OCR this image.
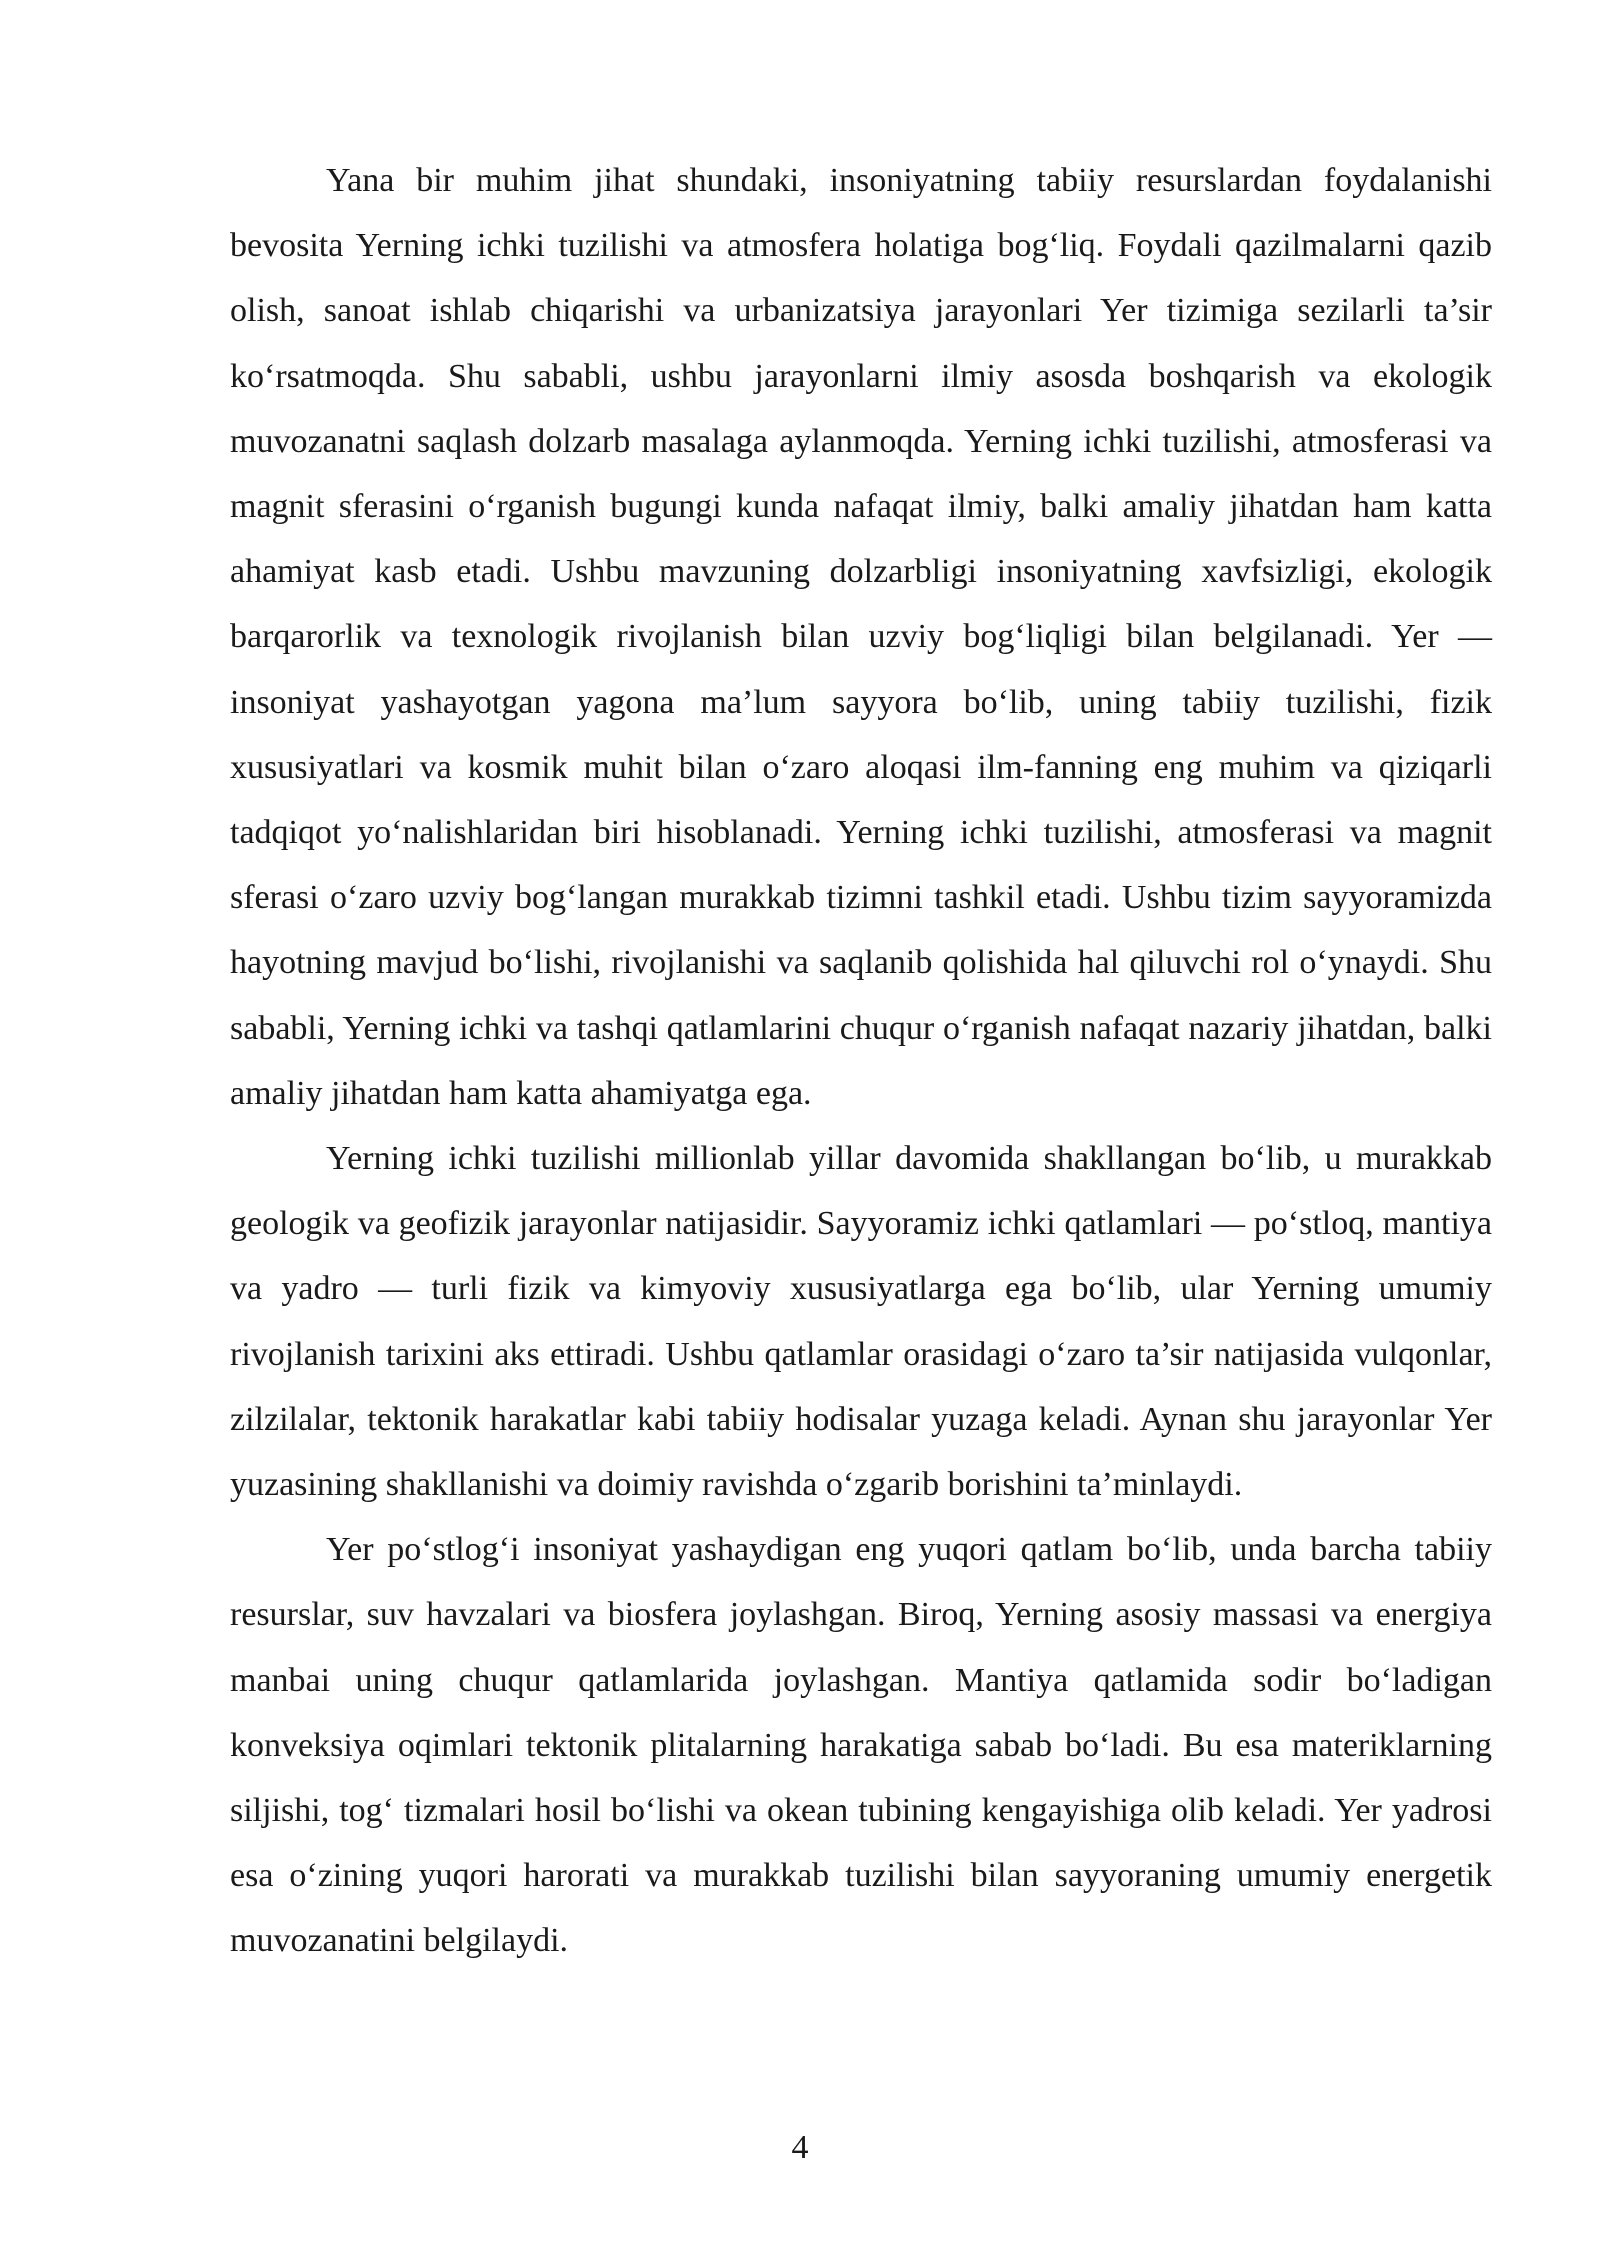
Yana bir muhim jihat shundaki, insoniyatning tabiiy resurslardan foydalanishi bevosita Yerning ichki tuzilishi va atmosfera holatiga bog‘liq. Foydali qazilmalarni qazib olish, sanoat ishlab chiqarishi va urbanizatsiya jarayonlari Yer tizimiga sezilarli ta’sir ko‘rsatmoqda. Shu sababli, ushbu jarayonlarni ilmiy asosda boshqarish va ekologik muvozanatni saqlash dolzarb masalaga aylanmoqda. Yerning ichki tuzilishi, atmosferasi va magnit sferasini o‘rganish bugungi kunda nafaqat ilmiy, balki amaliy jihatdan ham katta ahamiyat kasb etadi. Ushbu mavzuning dolzarbligi insoniyatning xavfsizligi, ekologik barqarorlik va texnologik rivojlanish bilan uzviy bog‘liqligi bilan belgilanadi. Yer — insoniyat yashayotgan yagona ma’lum sayyora bo‘lib, uning tabiiy tuzilishi, fizik xususiyatlari va kosmik muhit bilan o‘zaro aloqasi ilm-fanning eng muhim va qiziqarli tadqiqot yo‘nalishlaridan biri hisoblanadi. Yerning ichki tuzilishi, atmosferasi va magnit sferasi o‘zaro uzviy bog‘langan murakkab tizimni tashkil etadi. Ushbu tizim sayyoramizda hayotning mavjud bo‘lishi, rivojlanishi va saqlanib qolishida hal qiluvchi rol o‘ynaydi. Shu sababli, Yerning ichki va tashqi qatlamlarini chuqur o‘rganish nafaqat nazariy jihatdan, balki amaliy jihatdan ham katta ahamiyatga ega.

Yerning ichki tuzilishi millionlab yillar davomida shakllangan bo‘lib, u murakkab geologik va geofizik jarayonlar natijasidir. Sayyoramiz ichki qatlamlari — po‘stloq, mantiya va yadro — turli fizik va kimyoviy xususiyatlarga ega bo‘lib, ular Yerning umumiy rivojlanish tarixini aks ettiradi. Ushbu qatlamlar orasidagi o‘zaro ta’sir natijasida vulqonlar, zilzilalar, tektonik harakatlar kabi tabiiy hodisalar yuzaga keladi. Aynan shu jarayonlar Yer yuzasining shakllanishi va doimiy ravishda o‘zgarib borishini ta’minlaydi.

Yer po‘stlog‘i insoniyat yashaydigan eng yuqori qatlam bo‘lib, unda barcha tabiiy resurslar, suv havzalari va biosfera joylashgan. Biroq, Yerning asosiy massasi va energiya manbai uning chuqur qatlamlarida joylashgan. Mantiya qatlamida sodir bo‘ladigan konveksiya oqimlari tektonik plitalarning harakatiga sabab bo‘ladi. Bu esa materiklarning siljishi, tog‘ tizmalari hosil bo‘lishi va okean tubining kengayishiga olib keladi. Yer yadrosi esa o‘zining yuqori harorati va murakkab tuzilishi bilan sayyoraning umumiy energetik muvozanatini belgilaydi.

4
